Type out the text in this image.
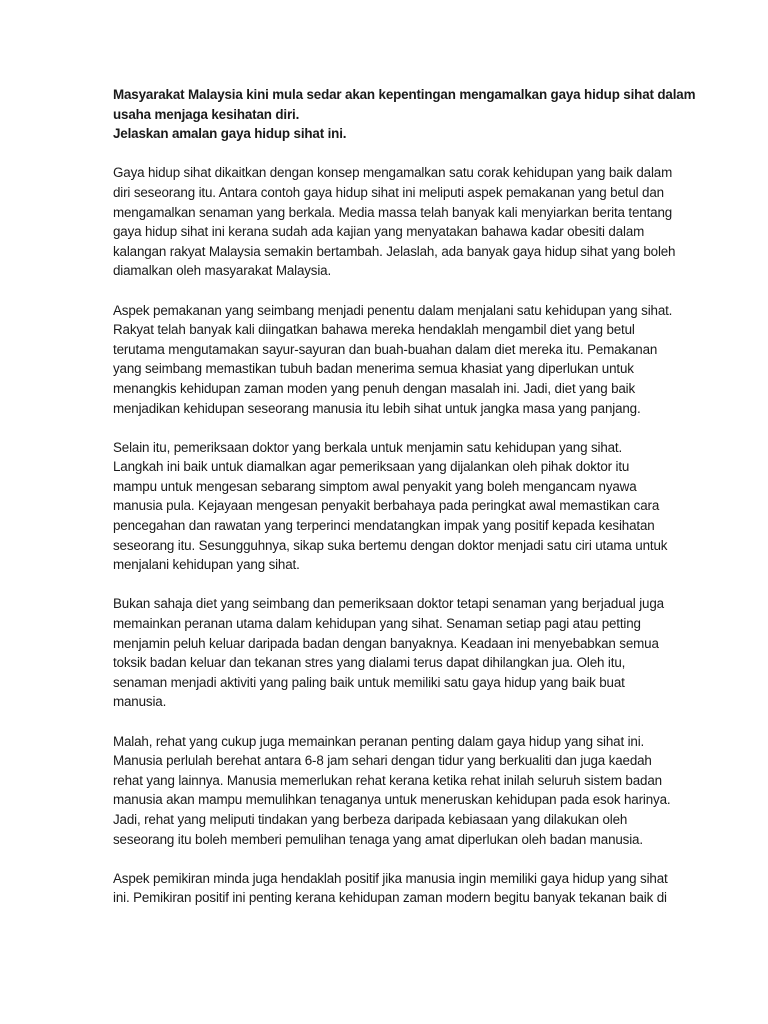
Masyarakat Malaysia kini mula sedar akan kepentingan mengamalkan gaya hidup sihat dalam
usaha menjaga kesihatan diri.
Jelaskan amalan gaya hidup sihat ini.
Gaya hidup sihat dikaitkan dengan konsep mengamalkan satu corak kehidupan yang baik dalam
diri seseorang itu. Antara contoh gaya hidup sihat ini meliputi aspek pemakanan yang betul dan
mengamalkan senaman yang berkala. Media massa telah banyak kali menyiarkan berita tentang
gaya hidup sihat ini kerana sudah ada kajian yang menyatakan bahawa kadar obesiti dalam
kalangan rakyat Malaysia semakin bertambah. Jelaslah, ada banyak gaya hidup sihat yang boleh
diamalkan oleh masyarakat Malaysia.
Aspek pemakanan yang seimbang menjadi penentu dalam menjalani satu kehidupan yang sihat.
Rakyat telah banyak kali diingatkan bahawa mereka hendaklah mengambil diet yang betul
terutama mengutamakan sayur-sayuran dan buah-buahan dalam diet mereka itu. Pemakanan
yang seimbang memastikan tubuh badan menerima semua khasiat yang diperlukan untuk
menangkis kehidupan zaman moden yang penuh dengan masalah ini. Jadi, diet yang baik
menjadikan kehidupan seseorang manusia itu lebih sihat untuk jangka masa yang panjang.
Selain itu, pemeriksaan doktor yang berkala untuk menjamin satu kehidupan yang sihat.
Langkah ini baik untuk diamalkan agar pemeriksaan yang dijalankan oleh pihak doktor itu
mampu untuk mengesan sebarang simptom awal penyakit yang boleh mengancam nyawa
manusia pula. Kejayaan mengesan penyakit berbahaya pada peringkat awal memastikan cara
pencegahan dan rawatan yang terperinci mendatangkan impak yang positif kepada kesihatan
seseorang itu. Sesungguhnya, sikap suka bertemu dengan doktor menjadi satu ciri utama untuk
menjalani kehidupan yang sihat.
Bukan sahaja diet yang seimbang dan pemeriksaan doktor tetapi senaman yang berjadual juga
memainkan peranan utama dalam kehidupan yang sihat. Senaman setiap pagi atau petting
menjamin peluh keluar daripada badan dengan banyaknya. Keadaan ini menyebabkan semua
toksik badan keluar dan tekanan stres yang dialami terus dapat dihilangkan jua. Oleh itu,
senaman menjadi aktiviti yang paling baik untuk memiliki satu gaya hidup yang baik buat
manusia.
Malah, rehat yang cukup juga memainkan peranan penting dalam gaya hidup yang sihat ini.
Manusia perlulah berehat antara 6-8 jam sehari dengan tidur yang berkualiti dan juga kaedah
rehat yang lainnya. Manusia memerlukan rehat kerana ketika rehat inilah seluruh sistem badan
manusia akan mampu memulihkan tenaganya untuk meneruskan kehidupan pada esok harinya.
Jadi, rehat yang meliputi tindakan yang berbeza daripada kebiasaan yang dilakukan oleh
seseorang itu boleh memberi pemulihan tenaga yang amat diperlukan oleh badan manusia.
Aspek pemikiran minda juga hendaklah positif jika manusia ingin memiliki gaya hidup yang sihat
ini. Pemikiran positif ini penting kerana kehidupan zaman modern begitu banyak tekanan baik di
